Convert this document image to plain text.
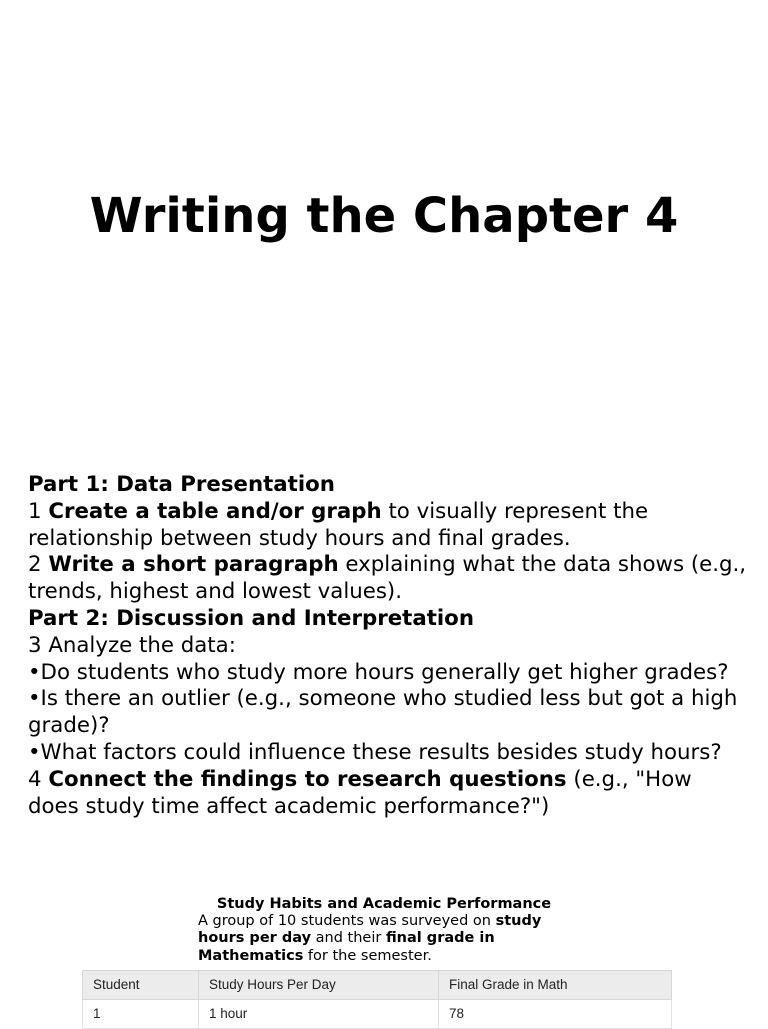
Writing the Chapter 4

Part 1: Data Presentation

1 Create a table and/or graph to visually represent the relationship between study hours and final grades.

2 Write a short paragraph explaining what the data shows (e.g., trends, highest and lowest values).

Part 2: Discussion and Interpretation

3 Analyze the data:

•Do students who study more hours generally get higher grades?

•Is there an outlier (e.g., someone who studied less but got a high grade)?

•What factors could influence these results besides study hours?

4 Connect the findings to research questions (e.g., "How does study time affect academic performance?")

Study Habits and Academic Performance

A group of 10 students was surveyed on study hours per day and their final grade in Mathematics for the semester.

Student	Study Hours Per Day	Final Grade in Math
1	1 hour	78
